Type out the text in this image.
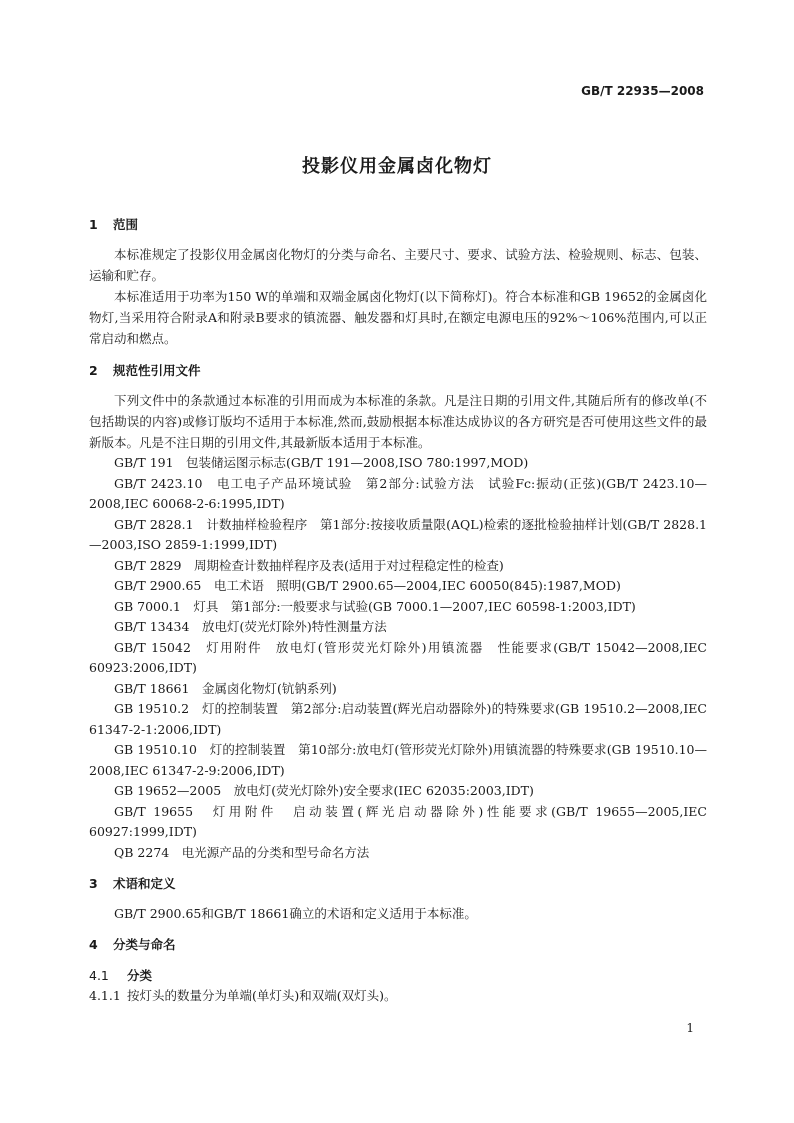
GB/T 22935—2008
投影仪用金属卤化物灯
1 范围

本标准规定了投影仪用金属卤化物灯的分类与命名、主要尺寸、要求、试验方法、检验规则、标志、包装、运输和贮存。

本标准适用于功率为150 W的单端和双端金属卤化物灯(以下简称灯)。符合本标准和GB 19652的金属卤化物灯,当采用符合附录A和附录B要求的镇流器、触发器和灯具时,在额定电源电压的92%～106%范围内,可以正常启动和燃点。

2 规范性引用文件

下列文件中的条款通过本标准的引用而成为本标准的条款。凡是注日期的引用文件,其随后所有的修改单(不包括勘误的内容)或修订版均不适用于本标准,然而,鼓励根据本标准达成协议的各方研究是否可使用这些文件的最新版本。凡是不注日期的引用文件,其最新版本适用于本标准。

GB/T 191　包装储运图示标志(GB/T 191—2008,ISO 780:1997,MOD)

GB/T 2423.10　电工电子产品环境试验　第2部分:试验方法　试验Fc:振动(正弦)(GB/T 2423.10—2008,IEC 60068-2-6:1995,IDT)

GB/T 2828.1　计数抽样检验程序　第1部分:按接收质量限(AQL)检索的逐批检验抽样计划(GB/T 2828.1—2003,ISO 2859-1:1999,IDT)

GB/T 2829　周期检查计数抽样程序及表(适用于对过程稳定性的检查)

GB/T 2900.65　电工术语　照明(GB/T 2900.65—2004,IEC 60050(845):1987,MOD)

GB 7000.1　灯具　第1部分:一般要求与试验(GB 7000.1—2007,IEC 60598-1:2003,IDT)

GB/T 13434　放电灯(荧光灯除外)特性测量方法

GB/T 15042　灯用附件　放电灯(管形荧光灯除外)用镇流器　性能要求(GB/T 15042—2008,IEC 60923:2006,IDT)

GB/T 18661　金属卤化物灯(钪钠系列)

GB 19510.2　灯的控制装置　第2部分:启动装置(辉光启动器除外)的特殊要求(GB 19510.2—2008,IEC 61347-2-1:2006,IDT)

GB 19510.10　灯的控制装置　第10部分:放电灯(管形荧光灯除外)用镇流器的特殊要求(GB 19510.10—2008,IEC 61347-2-9:2006,IDT)

GB 19652—2005　放电灯(荧光灯除外)安全要求(IEC 62035:2003,IDT)

GB/T 19655　灯用附件　启动装置(辉光启动器除外)性能要求(GB/T 19655—2005,IEC 60927:1999,IDT)

QB 2274　电光源产品的分类和型号命名方法

3 术语和定义

GB/T 2900.65和GB/T 18661确立的术语和定义适用于本标准。

4 分类与命名
4.1 分类

4.1.1 按灯头的数量分为单端(单灯头)和双端(双灯头)。

1
